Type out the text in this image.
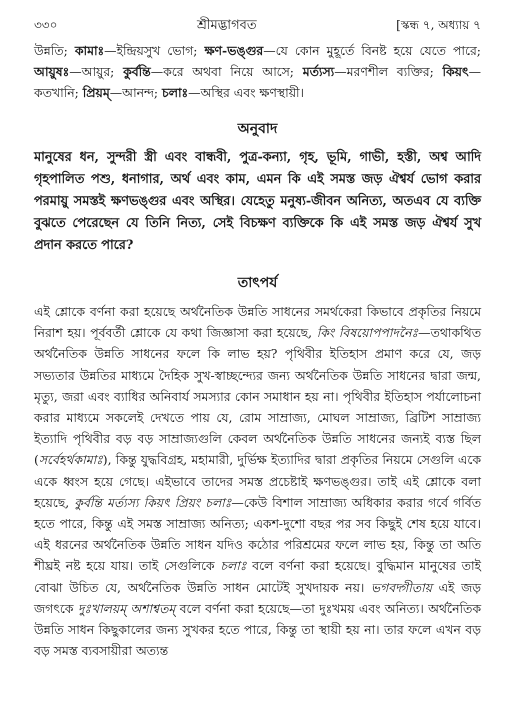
৩৩০	শ্রীমদ্ভাগবত	[স্কন্ধ ৭, অধ্যায় ৭

উন্নতি; কামাঃ—ইন্দ্রিয়সুখ ভোগ; ক্ষণ-ভঙ্গুর—যে কোন মুহূর্তে বিনষ্ট হয়ে যেতে পারে; আয়ুষঃ—আয়ুর; কুর্বন্তি—করে অথবা নিয়ে আসে; মর্ত্যস্য—মরণশীল ব্যক্তির; কিয়ৎ—কতখানি; প্রিয়ম্—আনন্দ; চলাঃ—অস্থির এবং ক্ষণস্থায়ী।

অনুবাদ

মানুষের ধন, সুন্দরী স্ত্রী এবং বান্ধবী, পুত্র-কন্যা, গৃহ, ভূমি, গাভী, হস্তী, অশ্ব আদি গৃহপালিত পশু, ধনাগার, অর্থ এবং কাম, এমন কি এই সমস্ত জড় ঐশ্বর্য ভোগ করার পরমায়ু সমস্তই ক্ষণভঙ্গুর এবং অস্থির। যেহেতু মনুষ্য-জীবন অনিত্য, অতএব যে ব্যক্তি বুঝতে পেরেছেন যে তিনি নিত্য, সেই বিচক্ষণ ব্যক্তিকে কি এই সমস্ত জড় ঐশ্বর্য সুখ প্রদান করতে পারে?

তাৎপর্য

এই শ্লোকে বর্ণনা করা হয়েছে অর্থনৈতিক উন্নতি সাধনের সমর্থকেরা কিভাবে প্রকৃতির নিয়মে নিরাশ হয়। পূর্ববর্তী শ্লোকে যে কথা জিজ্ঞাসা করা হয়েছে, কিং বিষয়োপপাদনৈঃ—তথাকথিত অর্থনৈতিক উন্নতি সাধনের ফলে কি লাভ হয়? পৃথিবীর ইতিহাস প্রমাণ করে যে, জড় সভ্যতার উন্নতির মাধ্যমে দৈহিক সুখ-স্বাচ্ছন্দ্যের জন্য অর্থনৈতিক উন্নতি সাধনের দ্বারা জন্ম, মৃত্যু, জরা এবং ব্যাধির অনিবার্য সমস্যার কোন সমাধান হয় না। পৃথিবীর ইতিহাস পর্যালোচনা করার মাধ্যমে সকলেই দেখতে পায় যে, রোম সাম্রাজ্য, মোঘল সাম্রাজ্য, ব্রিটিশ সাম্রাজ্য ইত্যাদি পৃথিবীর বড় বড় সাম্রাজ্যগুলি কেবল অর্থনৈতিক উন্নতি সাধনের জন্যই ব্যস্ত ছিল (সর্বেহর্থকামাঃ), কিন্তু যুদ্ধবিগ্রহ, মহামারী, দুর্ভিক্ষ ইত্যাদির দ্বারা প্রকৃতির নিয়মে সেগুলি একে একে ধ্বংস হয়ে গেছে। এইভাবে তাদের সমস্ত প্রচেষ্টাই ক্ষণভঙ্গুর। তাই এই শ্লোকে বলা হয়েছে, কুর্বন্তি মর্ত্যস্য কিয়ৎ প্রিয়ং চলাঃ—কেউ বিশাল সাম্রাজ্য অধিকার করার গর্বে গর্বিত হতে পারে, কিন্তু এই সমস্ত সাম্রাজ্য অনিত্য; একশ-দুশো বছর পর সব কিছুই শেষ হয়ে যাবে। এই ধরনের অর্থনৈতিক উন্নতি সাধন যদিও কঠোর পরিশ্রমের ফলে লাভ হয়, কিন্তু তা অতি শীঘ্রই নষ্ট হয়ে যায়। তাই সেগুলিকে চলাঃ বলে বর্ণনা করা হয়েছে। বুদ্ধিমান মানুষের তাই বোঝা উচিত যে, অর্থনৈতিক উন্নতি সাধন মোটেই সুখদায়ক নয়। ভগবদ্গীতায় এই জড় জগৎকে দুঃখালয়ম্ অশাশ্বতম্ বলে বর্ণনা করা হয়েছে—তা দুঃখময় এবং অনিত্য। অর্থনৈতিক উন্নতি সাধন কিছুকালের জন্য সুখকর হতে পারে, কিন্তু তা স্থায়ী হয় না। তার ফলে এখন বড় বড় সমস্ত ব্যবসায়ীরা অত্যন্ত
